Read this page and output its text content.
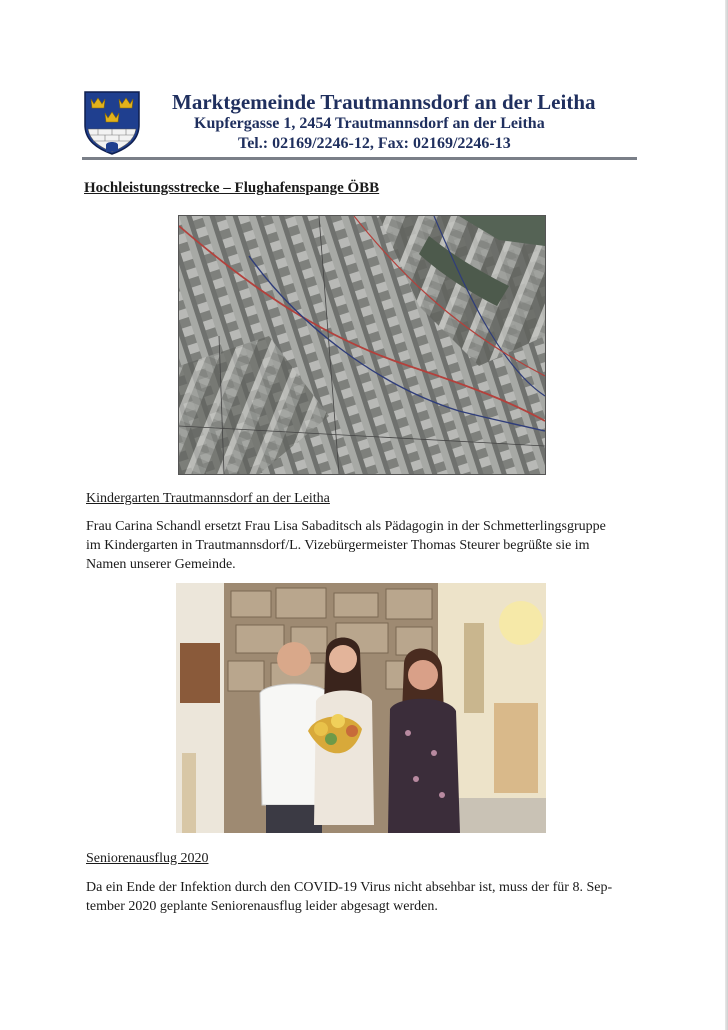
Marktgemeinde Trautmannsdorf an der Leitha
Kupfergasse 1, 2454 Trautmannsdorf an der Leitha
Tel.: 02169/2246-12, Fax: 02169/2246-13
Hochleistungsstrecke – Flughafenspange ÖBB
Kindergarten Trautmannsdorf an der Leitha
Frau Carina Schandl ersetzt Frau Lisa Sabaditsch als Pädagogin in der Schmetterlingsgruppe
im Kindergarten in Trautmannsdorf/L. Vizebürgermeister Thomas Steurer begrüßte sie im
Namen unserer Gemeinde.
Seniorenausflug 2020
Da ein Ende der Infektion durch den COVID-19 Virus nicht absehbar ist, muss der für 8. Sep-
tember 2020 geplante Seniorenausflug leider abgesagt werden.
